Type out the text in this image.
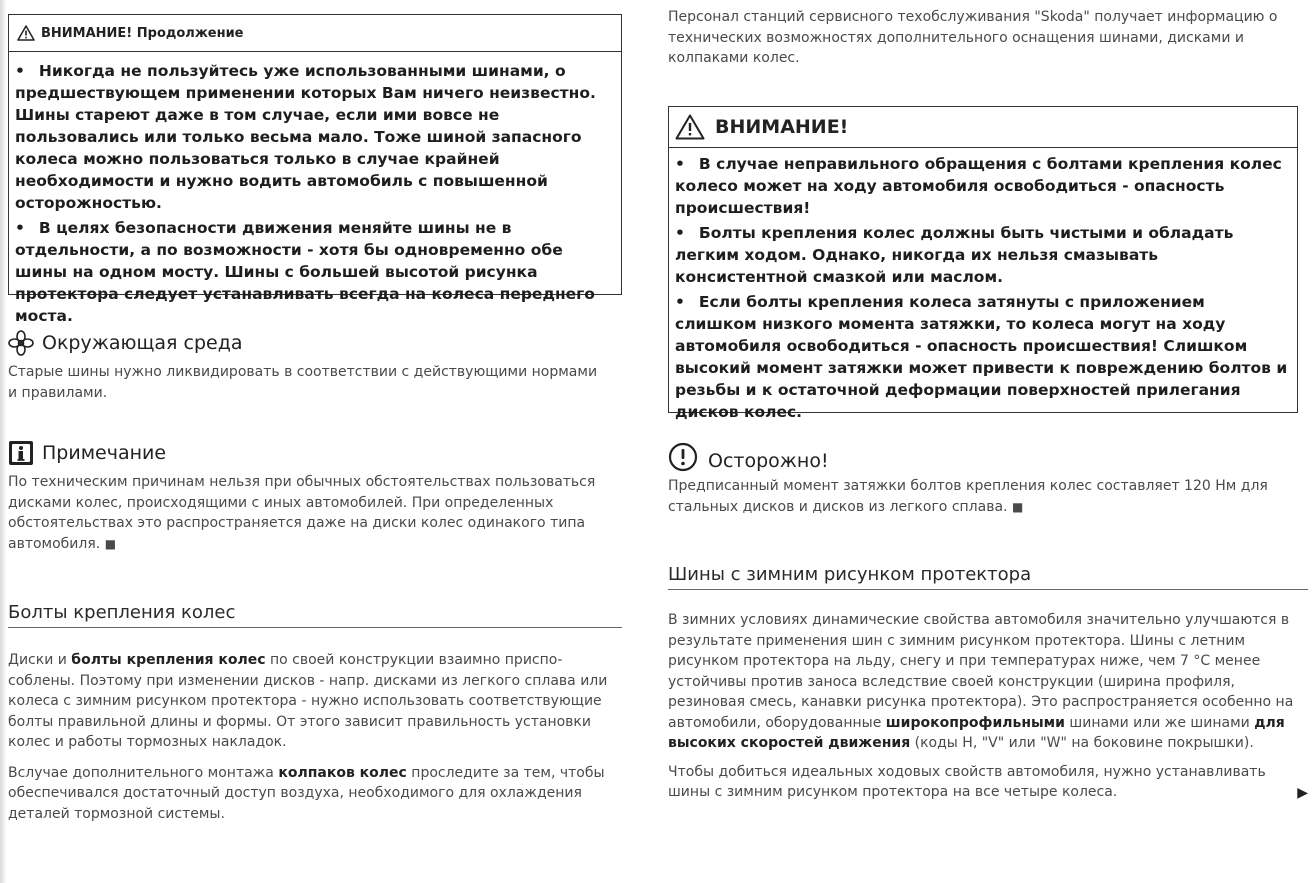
ВНИМАНИЕ! Продолжение

• Никогда не пользуйтесь уже использованными шинами, о предшествующем применении которых Вам ничего неизвестно. Шины стареют даже в том случае, если ими вовсе не пользовались или только весьма мало. Тоже шиной запасного колеса можно пользоваться только в случае крайней необходимости и нужно водить автомобиль с повышенной осторожностью.

• В целях безопасности движения меняйте шины не в отдельности, а по возможности - хотя бы одновременно обе шины на одном мосту. Шины с большей высотой рисунка протектора следует устанавливать всегда на колеса переднего моста.

Окружающая среда

Старые шины нужно ликвидировать в соответствии с действующими нормами и правилами.

Примечание

По техническим причинам нельзя при обычных обстоятельствах пользоваться дисками колес, происходящими с иных автомобилей. При определенных обстоятельствах это распространяется даже на диски колес одинакого типа автомобиля. ■

Болты крепления колес

Диски и болты крепления колес по своей конструкции взаимно приспо-соблены. Поэтому при изменении дисков - напр. дисками из легкого сплава или колеса с зимним рисунком протектора - нужно использовать соответствующие болты правильной длины и формы. От этого зависит правильность установки колес и работы тормозных накладок.

Вслучае дополнительного монтажа колпаков колес проследите за тем, чтобы обеспечивался достаточный доступ воздуха, необходимого для охлаждения деталей тормозной системы.

Персонал станций сервисного техобслуживания "Skoda" получает информацию о технических возможностях дополнительного оснащения шинами, дисками и колпаками колес.

ВНИМАНИЕ!

• В случае неправильного обращения с болтами крепления колес колесо может на ходу автомобиля освободиться - опасность происшествия!

• Болты крепления колес должны быть чистыми и обладать легким ходом. Однако, никогда их нельзя смазывать консистентной смазкой или маслом.

• Если болты крепления колеса затянуты с приложением слишком низкого момента затяжки, то колеса могут на ходу автомобиля освободиться - опасность происшествия! Слишком высокий момент затяжки может привести к повреждению болтов и резьбы и к остаточной деформации поверхностей прилегания дисков колес.

Осторожно!

Предписанный момент затяжки болтов крепления колес составляет 120 Нм для стальных дисков и дисков из легкого сплава. ■

Шины с зимним рисунком протектора

В зимних условиях динамические свойства автомобиля значительно улучшаются в результате применения шин с зимним рисунком протектора. Шины с летним рисунком протектора на льду, снегу и при температурах ниже, чем 7 °C менее устойчивы против заноса вследствие своей конструкции (ширина профиля, резиновая смесь, канавки рисунка протектора). Это распространяется особенно на автомобили, оборудованные широкопрофильными шинами или же шинами для высоких скоростей движения (коды H, "V" или "W" на боковине покрышки).

Чтобы добиться идеальных ходовых свойств автомобиля, нужно устанавливать шины с зимним рисунком протектора на все четыре колеса.	▶
